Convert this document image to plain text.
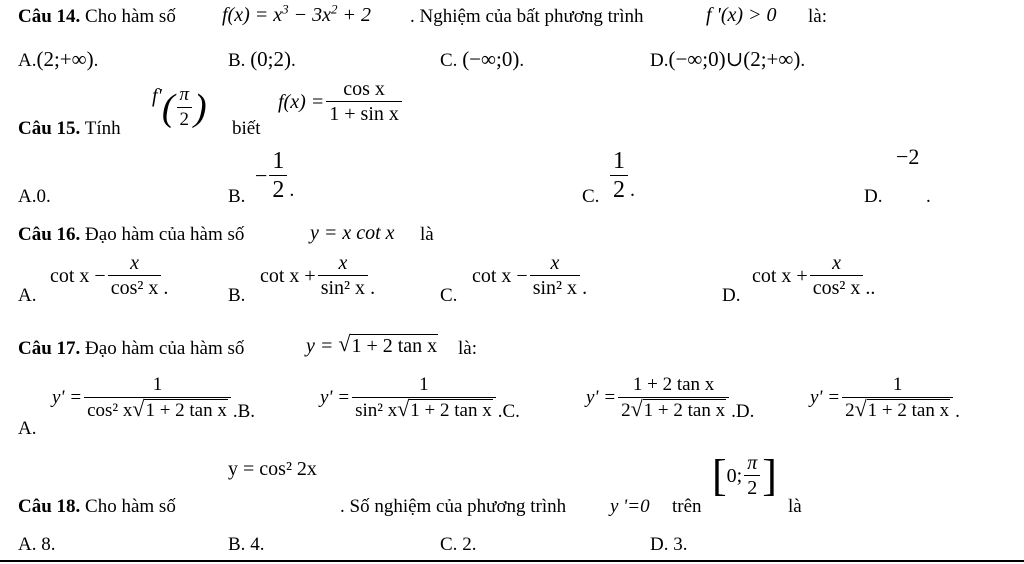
Câu 14. Cho hàm số $f(x) = x^3 - 3x^2 + 2$ . Nghiệm của bất phương trình	f '(x) > 0 là:
A.(2;+∞).	B. (0;2).	C. (−∞;0).	D.(−∞;0)∪(2;+∞).
Câu 15. Tính
f' ( $\frac{\pi}{2}$ ) biết
$f(x) = \frac{\text{cos x}}{\text{1 + sin x}}$
A.0.	B.
− $\frac{1}{2}$ .	C. $\frac{1}{2}$ .	D.
−2
.
Câu 16. Đạo hàm của hàm số	y = x cot x là
A.
$\cot x - \frac{x}{\text{cos² x}}$ .	B.
$\cot x + \frac{x}{\text{sin² x}}$ .	C.
$\cot x - \frac{x}{\text{sin² x}}$ .	D.
$\cot x + \frac{x}{\text{cos² x}}$ ..
Câu 17. Đạo hàm của hàm số	y =
√ 1 + 2 tan x là:
A.
$y' = \frac{1}{\text{cos² x √ 1 + 2 tan x}} .B$.
$y' = \frac{1}{\text{sin² x √ 1 + 2 tan x}} .C$.
$y' = \frac{\text{1 + 2 tan x}}{\text{2 √ 1 + 2 tan x}} .D$.
$y' = \frac{1}{\text{2 √ 1 + 2 tan x}}$ .
y = cos² 2x
Câu 18. Cho hàm số	. Số nghiệm của phương trình y '=0 trên
[ 0; $\frac{\pi}{2}$ ]
là
A. 8.	B. 4.	C. 2.	D. 3.
